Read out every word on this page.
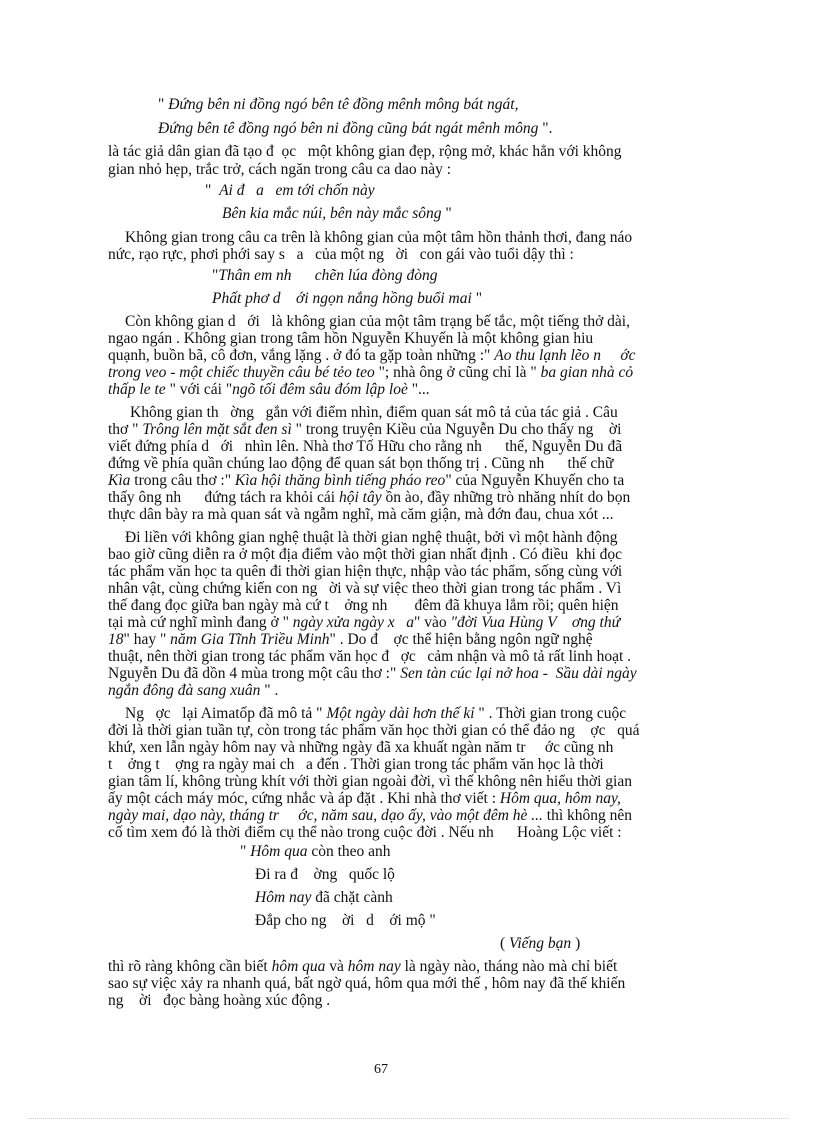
" Đứng bên ni đồng ngó bên tê đồng mênh mông bát ngát,
Đứng bên tê đồng ngó bên ni đồng cũng bát ngát mênh mông ".
là tác giả dân gian đã tạo đ  ọc   một không gian đẹp, rộng mở, khác hẳn với không
gian nhỏ hẹp, trắc trở, cách ngăn trong câu ca dao này :
"  Ai đ   a   em tới chốn này
Bên kia mắc núi, bên này mắc sông "
Không gian trong câu ca trên là không gian của một tâm hồn thảnh thơi, đang náo
nức, rạo rực, phơi phới say s   a   của một ng   ời   con gái vào tuổi dậy thì :
"Thân em nh      chẽn lúa đòng đòng
Phất phơ d    ới ngọn nắng hồng buổi mai "
Còn không gian d   ới   là không gian của một tâm trạng bế tắc, một tiếng thở dài,
ngao ngán . Không gian trong tâm hồn Nguyễn Khuyến là một không gian hiu
quạnh, buồn bã, cô đơn, vắng lặng . ở đó ta gặp toàn những :" Ao thu lạnh lẽo n     ớc
trong veo - một chiếc thuyền câu bé tẻo teo "; nhà ông ở cũng chỉ là " ba gian nhà cỏ
thấp le te " với cái "ngõ tối đêm sâu đóm lập loè "...
Không gian th   ờng   gắn với điểm nhìn, điểm quan sát mô tả của tác giả . Câu
thơ " Trông lên mặt sắt đen sì " trong truyện Kiều của Nguyễn Du cho thấy ng    ời
viết đứng phía d   ới   nhìn lên. Nhà thơ Tố Hữu cho rằng nh      thế, Nguyễn Du đã
đứng về phía quần chúng lao động để quan sát bọn thống trị . Cũng nh      thế chữ
Kìa trong câu thơ :" Kìa hội thăng bình tiếng pháo reo" của Nguyễn Khuyến cho ta
thấy ông nh      đứng tách ra khỏi cái hội tây ồn ào, đầy những trò nhăng nhít do bọn
thực dân bày ra mà quan sát và ngẫm nghĩ, mà căm giận, mà đớn đau, chua xót ...
Đi liền với không gian nghệ thuật là thời gian nghệ thuật, bởi vì một hành động
bao giờ cũng diễn ra ở một địa điểm vào một thời gian nhất định . Có điều  khi đọc
tác phẩm văn học ta quên đi thời gian hiện thực, nhập vào tác phẩm, sống cùng với
nhân vật, cùng chứng kiến con ng   ời và sự việc theo thời gian trong tác phẩm . Vì
thế đang đọc giữa ban ngày mà cứ t    ởng nh       đêm đã khuya lắm rồi; quên hiện
tại mà cứ nghĩ mình đang ở " ngày xửa ngày x   a" vào "đời Vua Hùng V    ơng thứ
18" hay " năm Gia Tĩnh Triều Minh" . Do đ    ợc thể hiện bằng ngôn ngữ nghệ
thuật, nên thời gian trong tác phẩm văn học đ   ợc   cảm nhận và mô tả rất linh hoạt .
Nguyễn Du đã dồn 4 mùa trong một câu thơ :" Sen tàn cúc lại nở hoa -  Sầu dài ngày
ngắn đông đà sang xuân " .
Ng   ợc   lại Aimatốp đã mô tả " Một ngày dài hơn thế kỉ " . Thời gian trong cuộc
đời là thời gian tuần tự, còn trong tác phẩm văn học thời gian có thể đảo ng    ợc   quá
khứ, xen lẫn ngày hôm nay và những ngày đã xa khuất ngàn năm tr     ớc cũng nh
t    ởng t    ợng ra ngày mai ch   a đến . Thời gian trong tác phẩm văn học là thời
gian tâm lí, không trùng khít với thời gian ngoài đời, vì thế không nên hiểu thời gian
ấy một cách máy móc, cứng nhắc và áp đặt . Khi nhà thơ viết : Hôm qua, hôm nay,
ngày mai, dạo này, tháng tr     ớc, năm sau, dạo ấy, vào một đêm hè ... thì không nên
cố tìm xem đó là thời điểm cụ thể nào trong cuộc đời . Nếu nh      Hoàng Lộc viết :
" Hôm qua còn theo anh
Đi ra đ    ờng   quốc lộ
Hôm nay đã chặt cành
Đắp cho ng    ời   d    ới mộ "
( Viếng bạn )
thì rõ ràng không cần biết hôm qua và hôm nay là ngày nào, tháng nào mà chỉ biết
sao sự việc xảy ra nhanh quá, bất ngờ quá, hôm qua mới thế , hôm nay đã thế khiến
ng    ời   đọc bàng hoàng xúc động .
67
